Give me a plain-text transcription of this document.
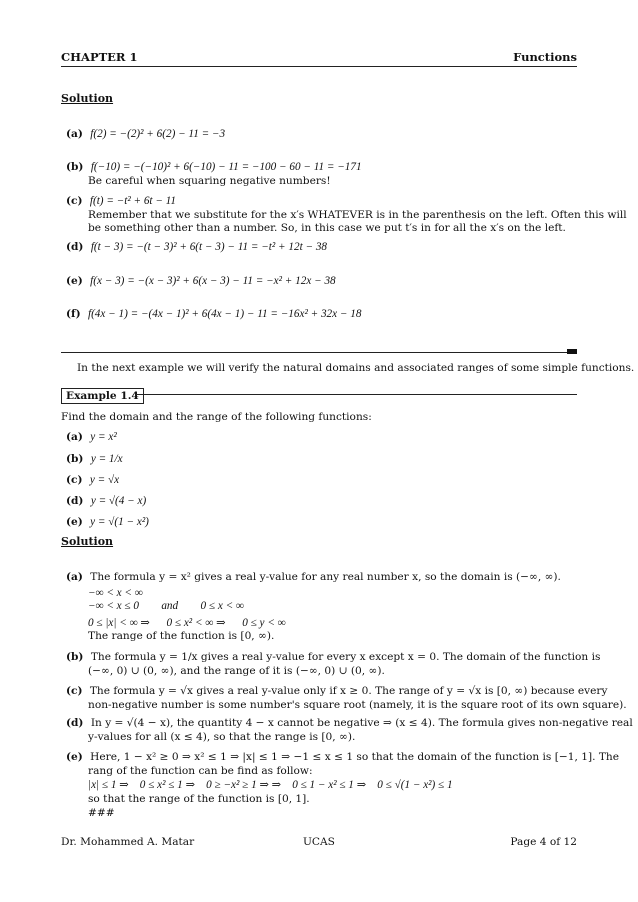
CHAPTER 1	Functions
Solution
(a) f(2) = −(2)² + 6(2) − 11 = −3
(b) f(−10) = −(−10)² + 6(−10) − 11 = −100 − 60 − 11 = −171
Be careful when squaring negative numbers!
(c) f(t) = −t² + 6t − 11
Remember that we substitute for the x′s WHATEVER is in the parenthesis on the left. Often this will
be something other than a number. So, in this case we put t′s in for all the x′s on the left.
(d) f(t − 3) = −(t − 3)² + 6(t − 3) − 11 = −t² + 12t − 38
(e) f(x − 3) = −(x − 3)² + 6(x − 3) − 11 = −x² + 12x − 38
(f) f(4x − 1) = −(4x − 1)² + 6(4x − 1) − 11 = −16x² + 32x − 18
In the next example we will verify the natural domains and associated ranges of some simple functions.
Example 1.4
Find the domain and the range of the following functions:
(a) y = x²
(b) y = 1/x
(c) y = √x
(d) y = √(4 − x)
(e) y = √(1 − x²)
Solution
(a) The formula y = x² gives a real y-value for any real number x, so the domain is (−∞, ∞).
−∞ < x < ∞
−∞ < x ≤ 0        and        0 ≤ x < ∞
0 ≤ |x| < ∞ ⇒      0 ≤ x² < ∞ ⇒      0 ≤ y < ∞
The range of the function is [0, ∞).
(b) The formula y = 1/x gives a real y-value for every x except x = 0. The domain of the function is
(−∞, 0) ∪ (0, ∞), and the range of it is (−∞, 0) ∪ (0, ∞).
(c) The formula y = √x gives a real y-value only if x ≥ 0. The range of y = √x is [0, ∞) because every
non-negative number is some number's square root (namely, it is the square root of its own square).
(d) In y = √(4 − x), the quantity 4 − x cannot be negative ⇒ (x ≤ 4). The formula gives non-negative real
y-values for all (x ≤ 4), so that the range is [0, ∞).
(e) Here, 1 − x² ≥ 0 ⇒ x² ≤ 1 ⇒ |x| ≤ 1 ⇒ −1 ≤ x ≤ 1 so that the domain of the function is [−1, 1]. The
rang of the function can be find as follow:
|x| ≤ 1 ⇒    0 ≤ x² ≤ 1 ⇒    0 ≥ −x² ≥ 1 ⇒ ⇒    0 ≤ 1 − x² ≤ 1 ⇒    0 ≤ √(1 − x²) ≤ 1
so that the range of the function is [0, 1].
###
Dr. Mohammed A. Matar	UCAS	Page 4 of 12
